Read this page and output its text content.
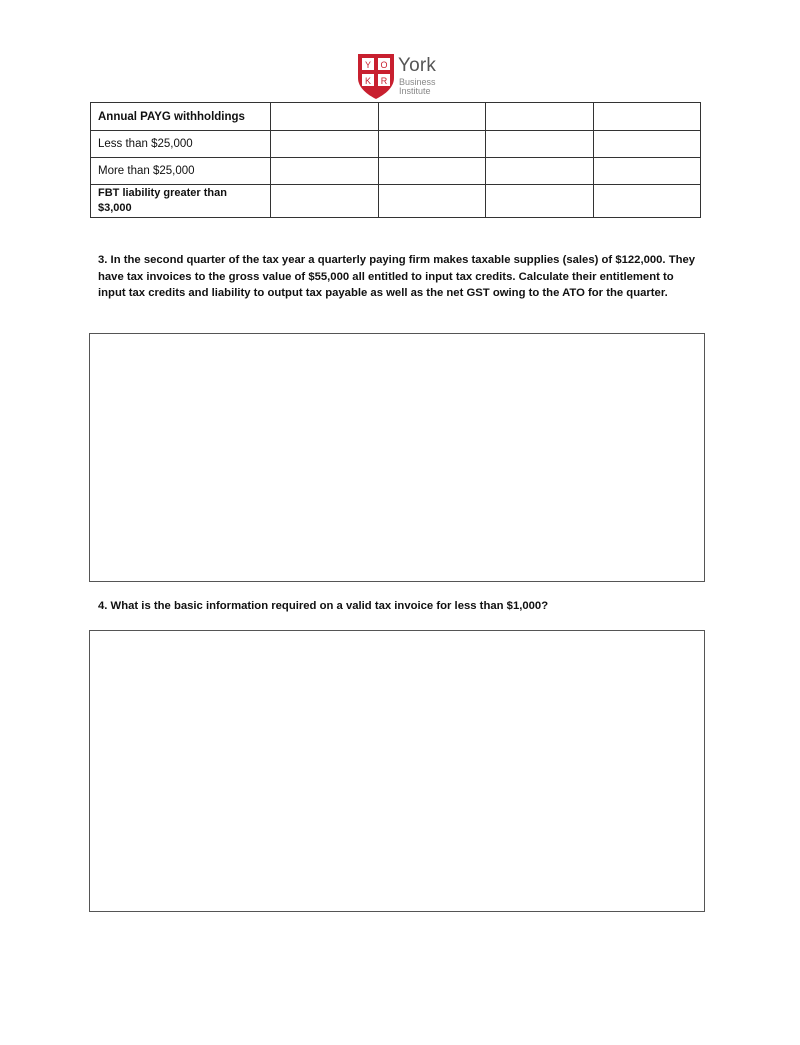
Y O
K R
York
Business
Institute
Annual PAYG withholdings				
Less than $25,000				
More than $25,000				
FBT liability greater than $3,000				
3. In the second quarter of the tax year a quarterly paying firm makes taxable supplies (sales) of $122,000. They have tax invoices to the gross value of $55,000 all entitled to input tax credits. Calculate their entitlement to input tax credits and liability to output tax payable as well as the net GST owing to the ATO for the quarter.
4. What is the basic information required on a valid tax invoice for less than $1,000?
